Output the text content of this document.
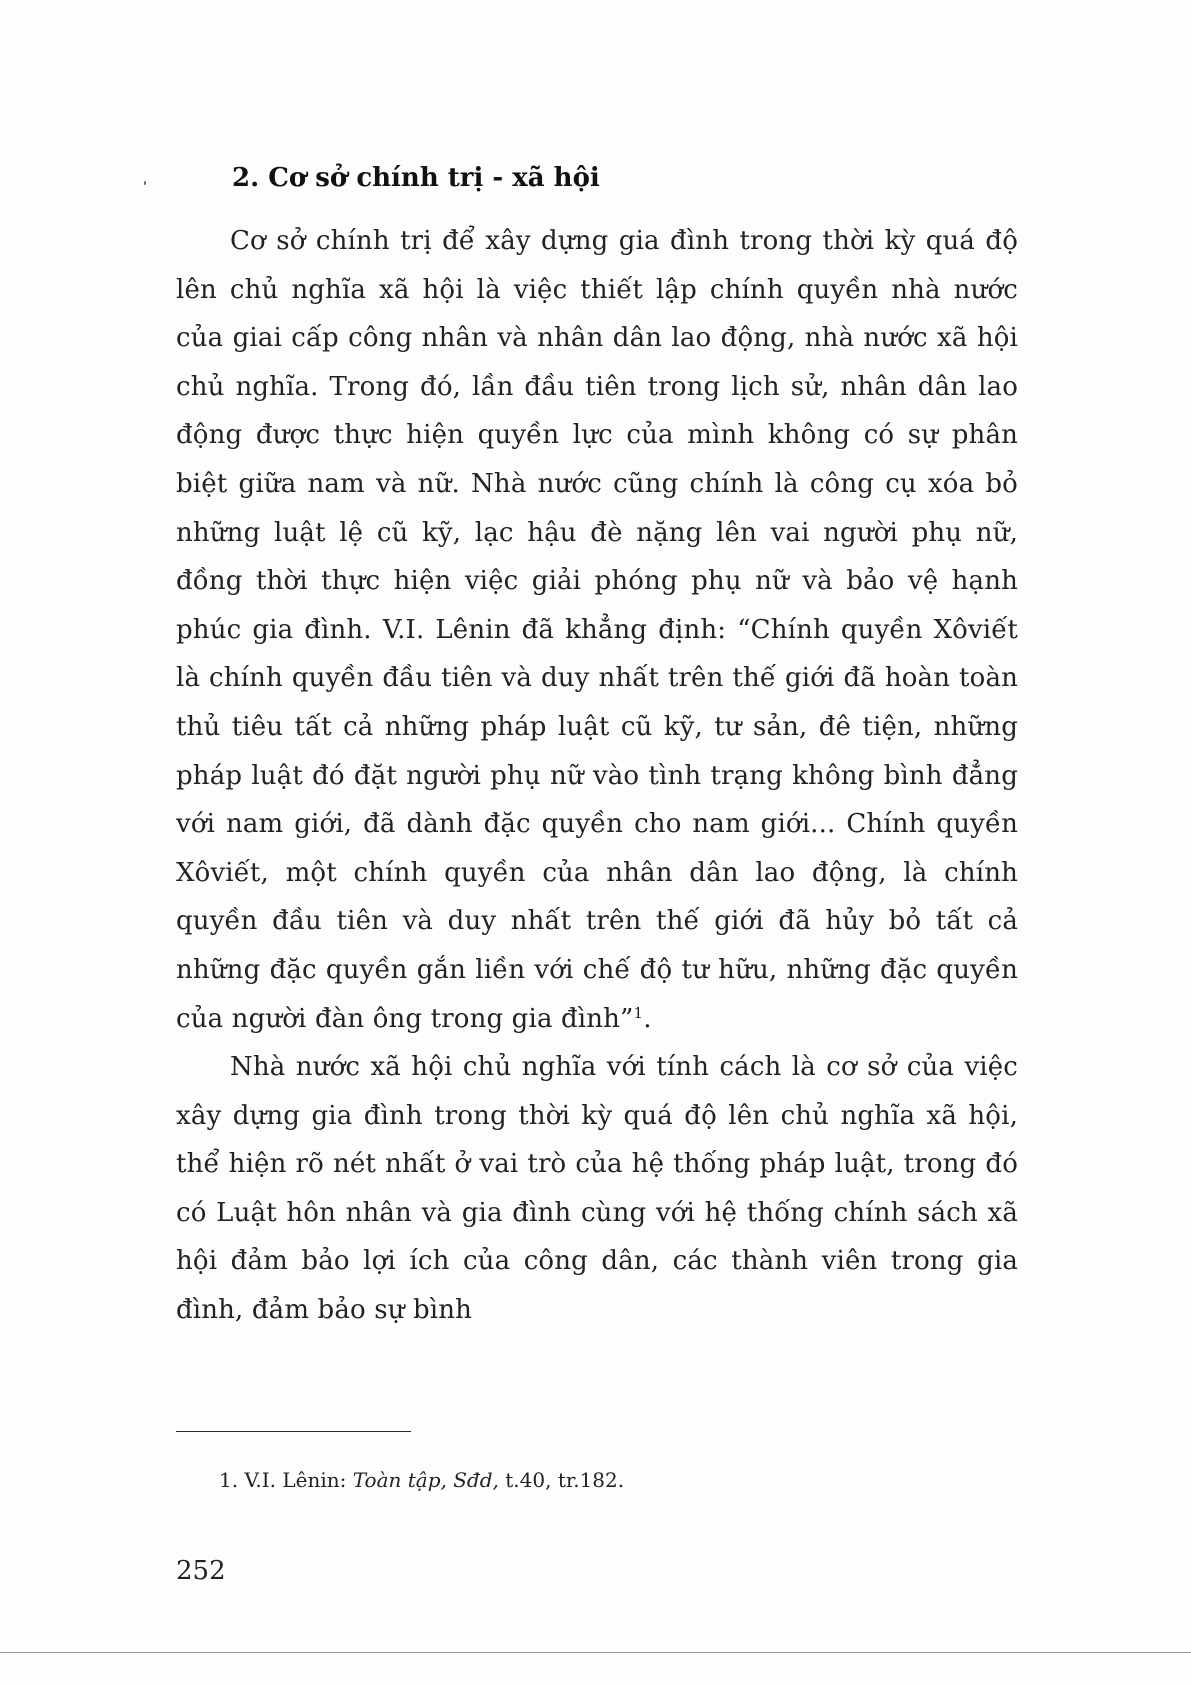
2. Cơ sở chính trị - xã hội

Cơ sở chính trị để xây dựng gia đình trong thời kỳ quá độ lên chủ nghĩa xã hội là việc thiết lập chính quyền nhà nước của giai cấp công nhân và nhân dân lao động, nhà nước xã hội chủ nghĩa. Trong đó, lần đầu tiên trong lịch sử, nhân dân lao động được thực hiện quyền lực của mình không có sự phân biệt giữa nam và nữ. Nhà nước cũng chính là công cụ xóa bỏ những luật lệ cũ kỹ, lạc hậu đè nặng lên vai người phụ nữ, đồng thời thực hiện việc giải phóng phụ nữ và bảo vệ hạnh phúc gia đình. V.I. Lênin đã khẳng định: “Chính quyền Xôviết là chính quyền đầu tiên và duy nhất trên thế giới đã hoàn toàn thủ tiêu tất cả những pháp luật cũ kỹ, tư sản, đê tiện, những pháp luật đó đặt người phụ nữ vào tình trạng không bình đẳng với nam giới, đã dành đặc quyền cho nam giới... Chính quyền Xôviết, một chính quyền của nhân dân lao động, là chính quyền đầu tiên và duy nhất trên thế giới đã hủy bỏ tất cả những đặc quyền gắn liền với chế độ tư hữu, những đặc quyền của người đàn ông trong gia đình”$^1$.

Nhà nước xã hội chủ nghĩa với tính cách là cơ sở của việc xây dựng gia đình trong thời kỳ quá độ lên chủ nghĩa xã hội, thể hiện rõ nét nhất ở vai trò của hệ thống pháp luật, trong đó có Luật hôn nhân và gia đình cùng với hệ thống chính sách xã hội đảm bảo lợi ích của công dân, các thành viên trong gia đình, đảm bảo sự bình

1. V.I. Lênin: Toàn tập, Sđd, t.40, tr.182.

252
